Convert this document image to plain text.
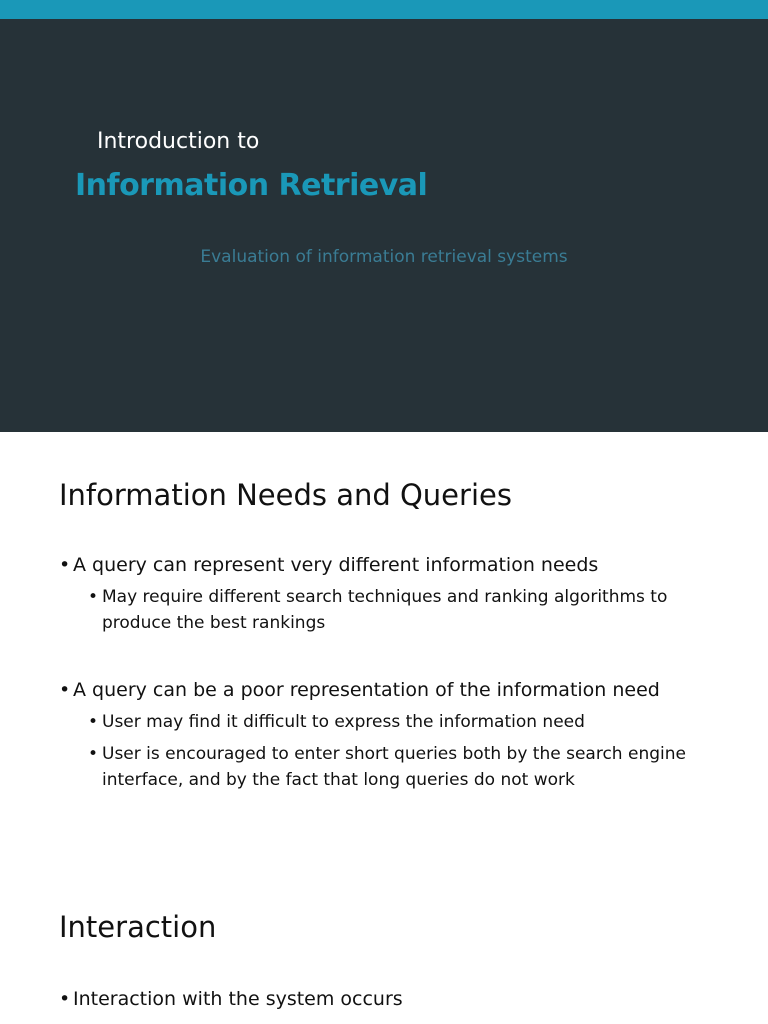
Introduction to
Information Retrieval
Evaluation of information retrieval systems
Information Needs and Queries
• A query can represent very different information needs
• May require different search techniques and ranking algorithms to produce the best rankings
• A query can be a poor representation of the information need
• User may find it difficult to express the information need
• User is encouraged to enter short queries both by the search engine interface, and by the fact that long queries do not work
Interaction
• Interaction with the system occurs
